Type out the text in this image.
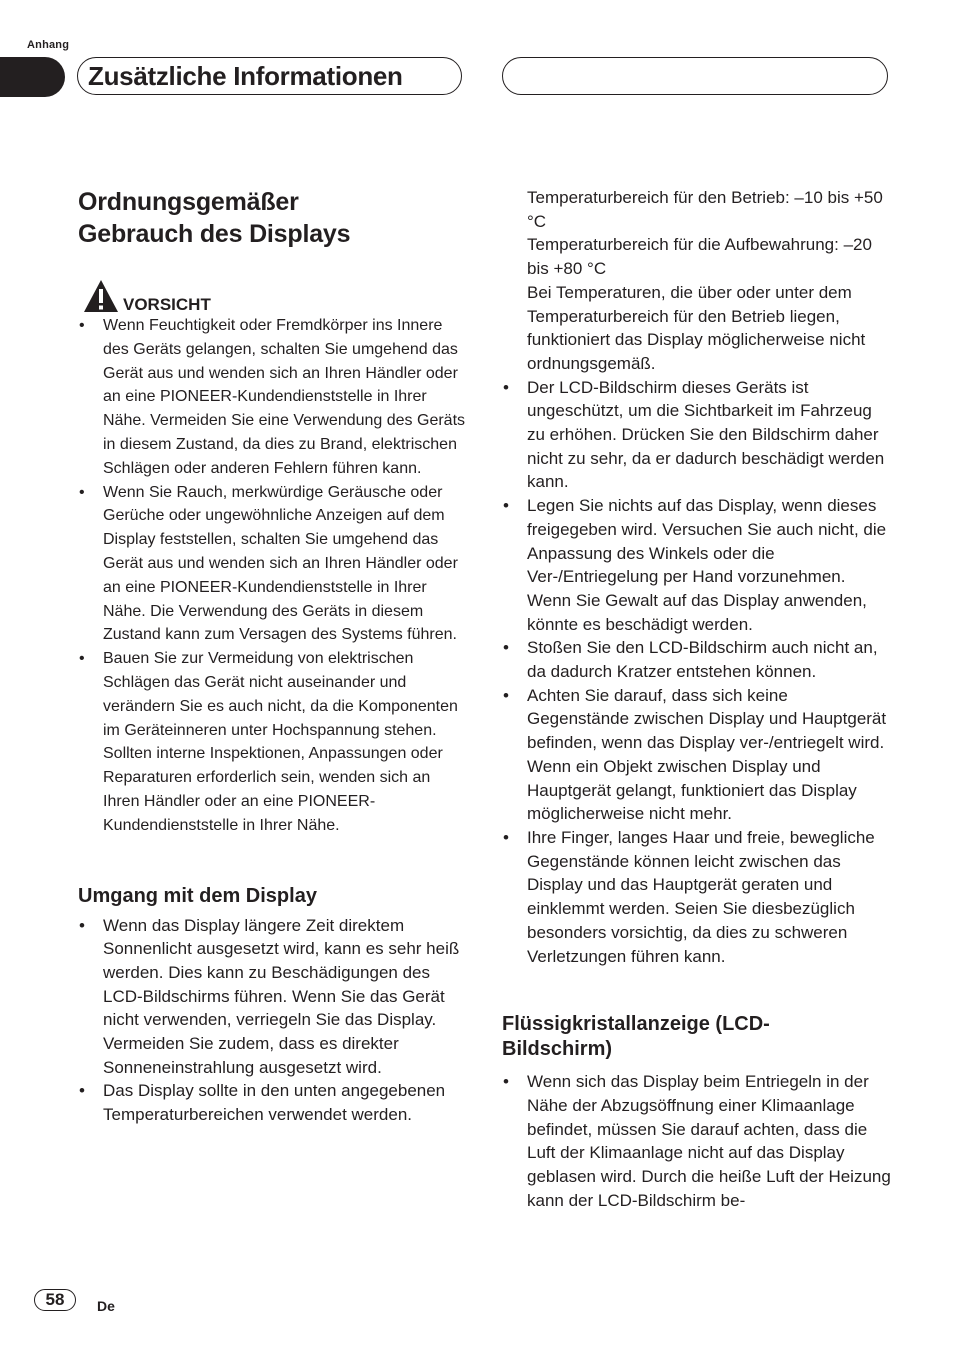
Anhang
Zusätzliche Informationen
Ordnungsgemäßer Gebrauch des Displays
VORSICHT
• Wenn Feuchtigkeit oder Fremdkörper ins Innere des Geräts gelangen, schalten Sie umgehend das Gerät aus und wenden sich an Ihren Händler oder an eine PIONEER-Kundendienststelle in Ihrer Nähe. Vermeiden Sie eine Verwendung des Geräts in diesem Zustand, da dies zu Brand, elektrischen Schlägen oder anderen Fehlern führen kann.
• Wenn Sie Rauch, merkwürdige Geräusche oder Gerüche oder ungewöhnliche Anzeigen auf dem Display feststellen, schalten Sie umgehend das Gerät aus und wenden sich an Ihren Händler oder an eine PIONEER-Kundendienststelle in Ihrer Nähe. Die Verwendung des Geräts in diesem Zustand kann zum Versagen des Systems führen.
• Bauen Sie zur Vermeidung von elektrischen Schlägen das Gerät nicht auseinander und verändern Sie es auch nicht, da die Komponenten im Geräteinneren unter Hochspannung stehen. Sollten interne Inspektionen, Anpassungen oder Reparaturen erforderlich sein, wenden sich an Ihren Händler oder an eine PIONEER-Kundendienststelle in Ihrer Nähe.
Umgang mit dem Display
• Wenn das Display längere Zeit direktem Sonnenlicht ausgesetzt wird, kann es sehr heiß werden. Dies kann zu Beschädigungen des LCD-Bildschirms führen. Wenn Sie das Gerät nicht verwenden, verriegeln Sie das Display. Vermeiden Sie zudem, dass es direkter Sonneneinstrahlung ausgesetzt wird.
• Das Display sollte in den unten angegebenen Temperaturbereichen verwendet werden.
Temperaturbereich für den Betrieb: –10 bis +50 °C
Temperaturbereich für die Aufbewahrung: –20 bis +80 °C
Bei Temperaturen, die über oder unter dem Temperaturbereich für den Betrieb liegen, funktioniert das Display möglicherweise nicht ordnungsgemäß.
• Der LCD-Bildschirm dieses Geräts ist ungeschützt, um die Sichtbarkeit im Fahrzeug zu erhöhen. Drücken Sie den Bildschirm daher nicht zu sehr, da er dadurch beschädigt werden kann.
• Legen Sie nichts auf das Display, wenn dieses freigegeben wird. Versuchen Sie auch nicht, die Anpassung des Winkels oder die Ver-/Entriegelung per Hand vorzunehmen. Wenn Sie Gewalt auf das Display anwenden, könnte es beschädigt werden.
• Stoßen Sie den LCD-Bildschirm auch nicht an, da dadurch Kratzer entstehen können.
• Achten Sie darauf, dass sich keine Gegenstände zwischen Display und Hauptgerät befinden, wenn das Display ver-/entriegelt wird. Wenn ein Objekt zwischen Display und Hauptgerät gelangt, funktioniert das Display möglicherweise nicht mehr.
• Ihre Finger, langes Haar und freie, bewegliche Gegenstände können leicht zwischen das Display und das Hauptgerät geraten und einklemmt werden. Seien Sie diesbezüglich besonders vorsichtig, da dies zu schweren Verletzungen führen kann.
Flüssigkristallanzeige (LCD-Bildschirm)
• Wenn sich das Display beim Entriegeln in der Nähe der Abzugsöffnung einer Klimaanlage befindet, müssen Sie darauf achten, dass die Luft der Klimaanlage nicht auf das Display geblasen wird. Durch die heiße Luft der Heizung kann der LCD-Bildschirm be-
58	De
